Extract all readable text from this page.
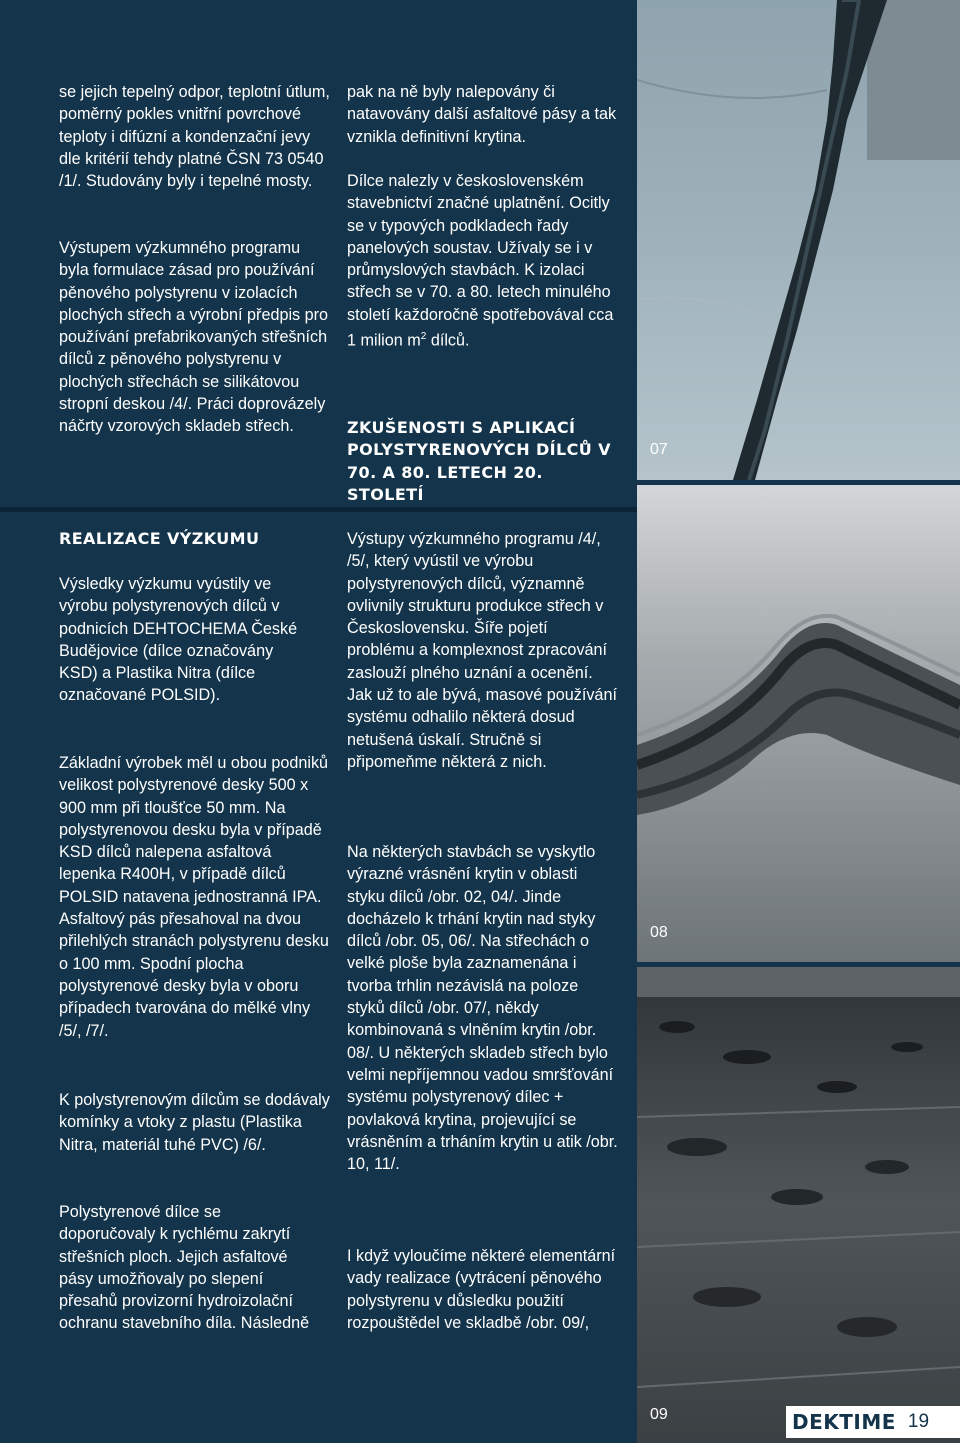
se jejich tepelný odpor, teplotní útlum, poměrný pokles vnitřní povrchové teploty i difúzní a kondenzační jevy dle kritérií tehdy platné ČSN 73 0540 /1/. Studovány byly i tepelné mosty.
Výstupem výzkumného programu byla formulace zásad pro používání pěnového polystyrenu v izolacích plochých střech a výrobní předpis pro používání prefabrikovaných střešních dílců z pěnového polystyrenu v plochých střechách se silikátovou stropní deskou /4/. Práci doprovázely náčrty vzorových skladeb střech.
REALIZACE VÝZKUMU
Výsledky výzkumu vyústily ve výrobu polystyrenových dílců v podnicích DEHTOCHEMA České Budějovice (dílce označovány KSD) a Plastika Nitra (dílce označované POLSID).
Základní výrobek měl u obou podniků velikost polystyrenové desky 500 x 900 mm při tloušťce 50 mm. Na polystyrenovou desku byla v případě KSD dílců nalepena asfaltová lepenka R400H, v případě dílců POLSID natavena jednostranná IPA. Asfaltový pás přesahoval na dvou přilehlých stranách polystyrenu desku o 100 mm. Spodní plocha polystyrenové desky byla v oboru případech tvarována do mělké vlny /5/, /7/.
K polystyrenovým dílcům se dodávaly komínky a vtoky z plastu (Plastika Nitra, materiál tuhé PVC) /6/.
Polystyrenové dílce se doporučovaly k rychlému zakrytí střešních ploch. Jejich asfaltové pásy umožňovaly po slepení přesahů provizorní hydroizolační ochranu stavebního díla. Následně
pak na ně byly nalepovány či natavovány další asfaltové pásy a tak vznikla definitivní krytina.
Dílce nalezly v československém stavebnictví značné uplatnění. Ocitly se v typových podkladech řady panelových soustav. Užívaly se i v průmyslových stavbách. K izolaci střech se v 70. a 80. letech minulého století každoročně spotřebovával cca 1 milion $m^2$ dílců.
ZKUŠENOSTI S APLIKACÍ POLYSTYRENOVÝCH DÍLCŮ V 70. A 80. LETECH 20. STOLETÍ
Výstupy výzkumného programu /4/, /5/, který vyústil ve výrobu polystyrenových dílců, významně ovlivnily strukturu produkce střech v Československu. Šíře pojetí problému a komplexnost zpracování zaslouží plného uznání a ocenění. Jak už to ale bývá, masové používání systému odhalilo některá dosud netušená úskalí. Stručně si připomeňme některá z nich.
Na některých stavbách se vyskytlo výrazné vrásnění krytin v oblasti styku dílců /obr. 02, 04/. Jinde docházelo k trhání krytin nad styky dílců /obr. 05, 06/. Na střechách o velké ploše byla zaznamenána i tvorba trhlin nezávislá na poloze styků dílců /obr. 07/, někdy kombinovaná s vlněním krytin /obr. 08/. U některých skladeb střech bylo velmi nepříjemnou vadou smršťování systému polystyrenový dílec + povlaková krytina, projevující se vrásněním a trháním krytin u atik /obr. 10, 11/.
I když vyloučíme některé elementární vady realizace (vytrácení pěnového polystyrenu v důsledku použití rozpouštědel ve skladbě /obr. 09/,
07
08
09	DEKTIME 19
